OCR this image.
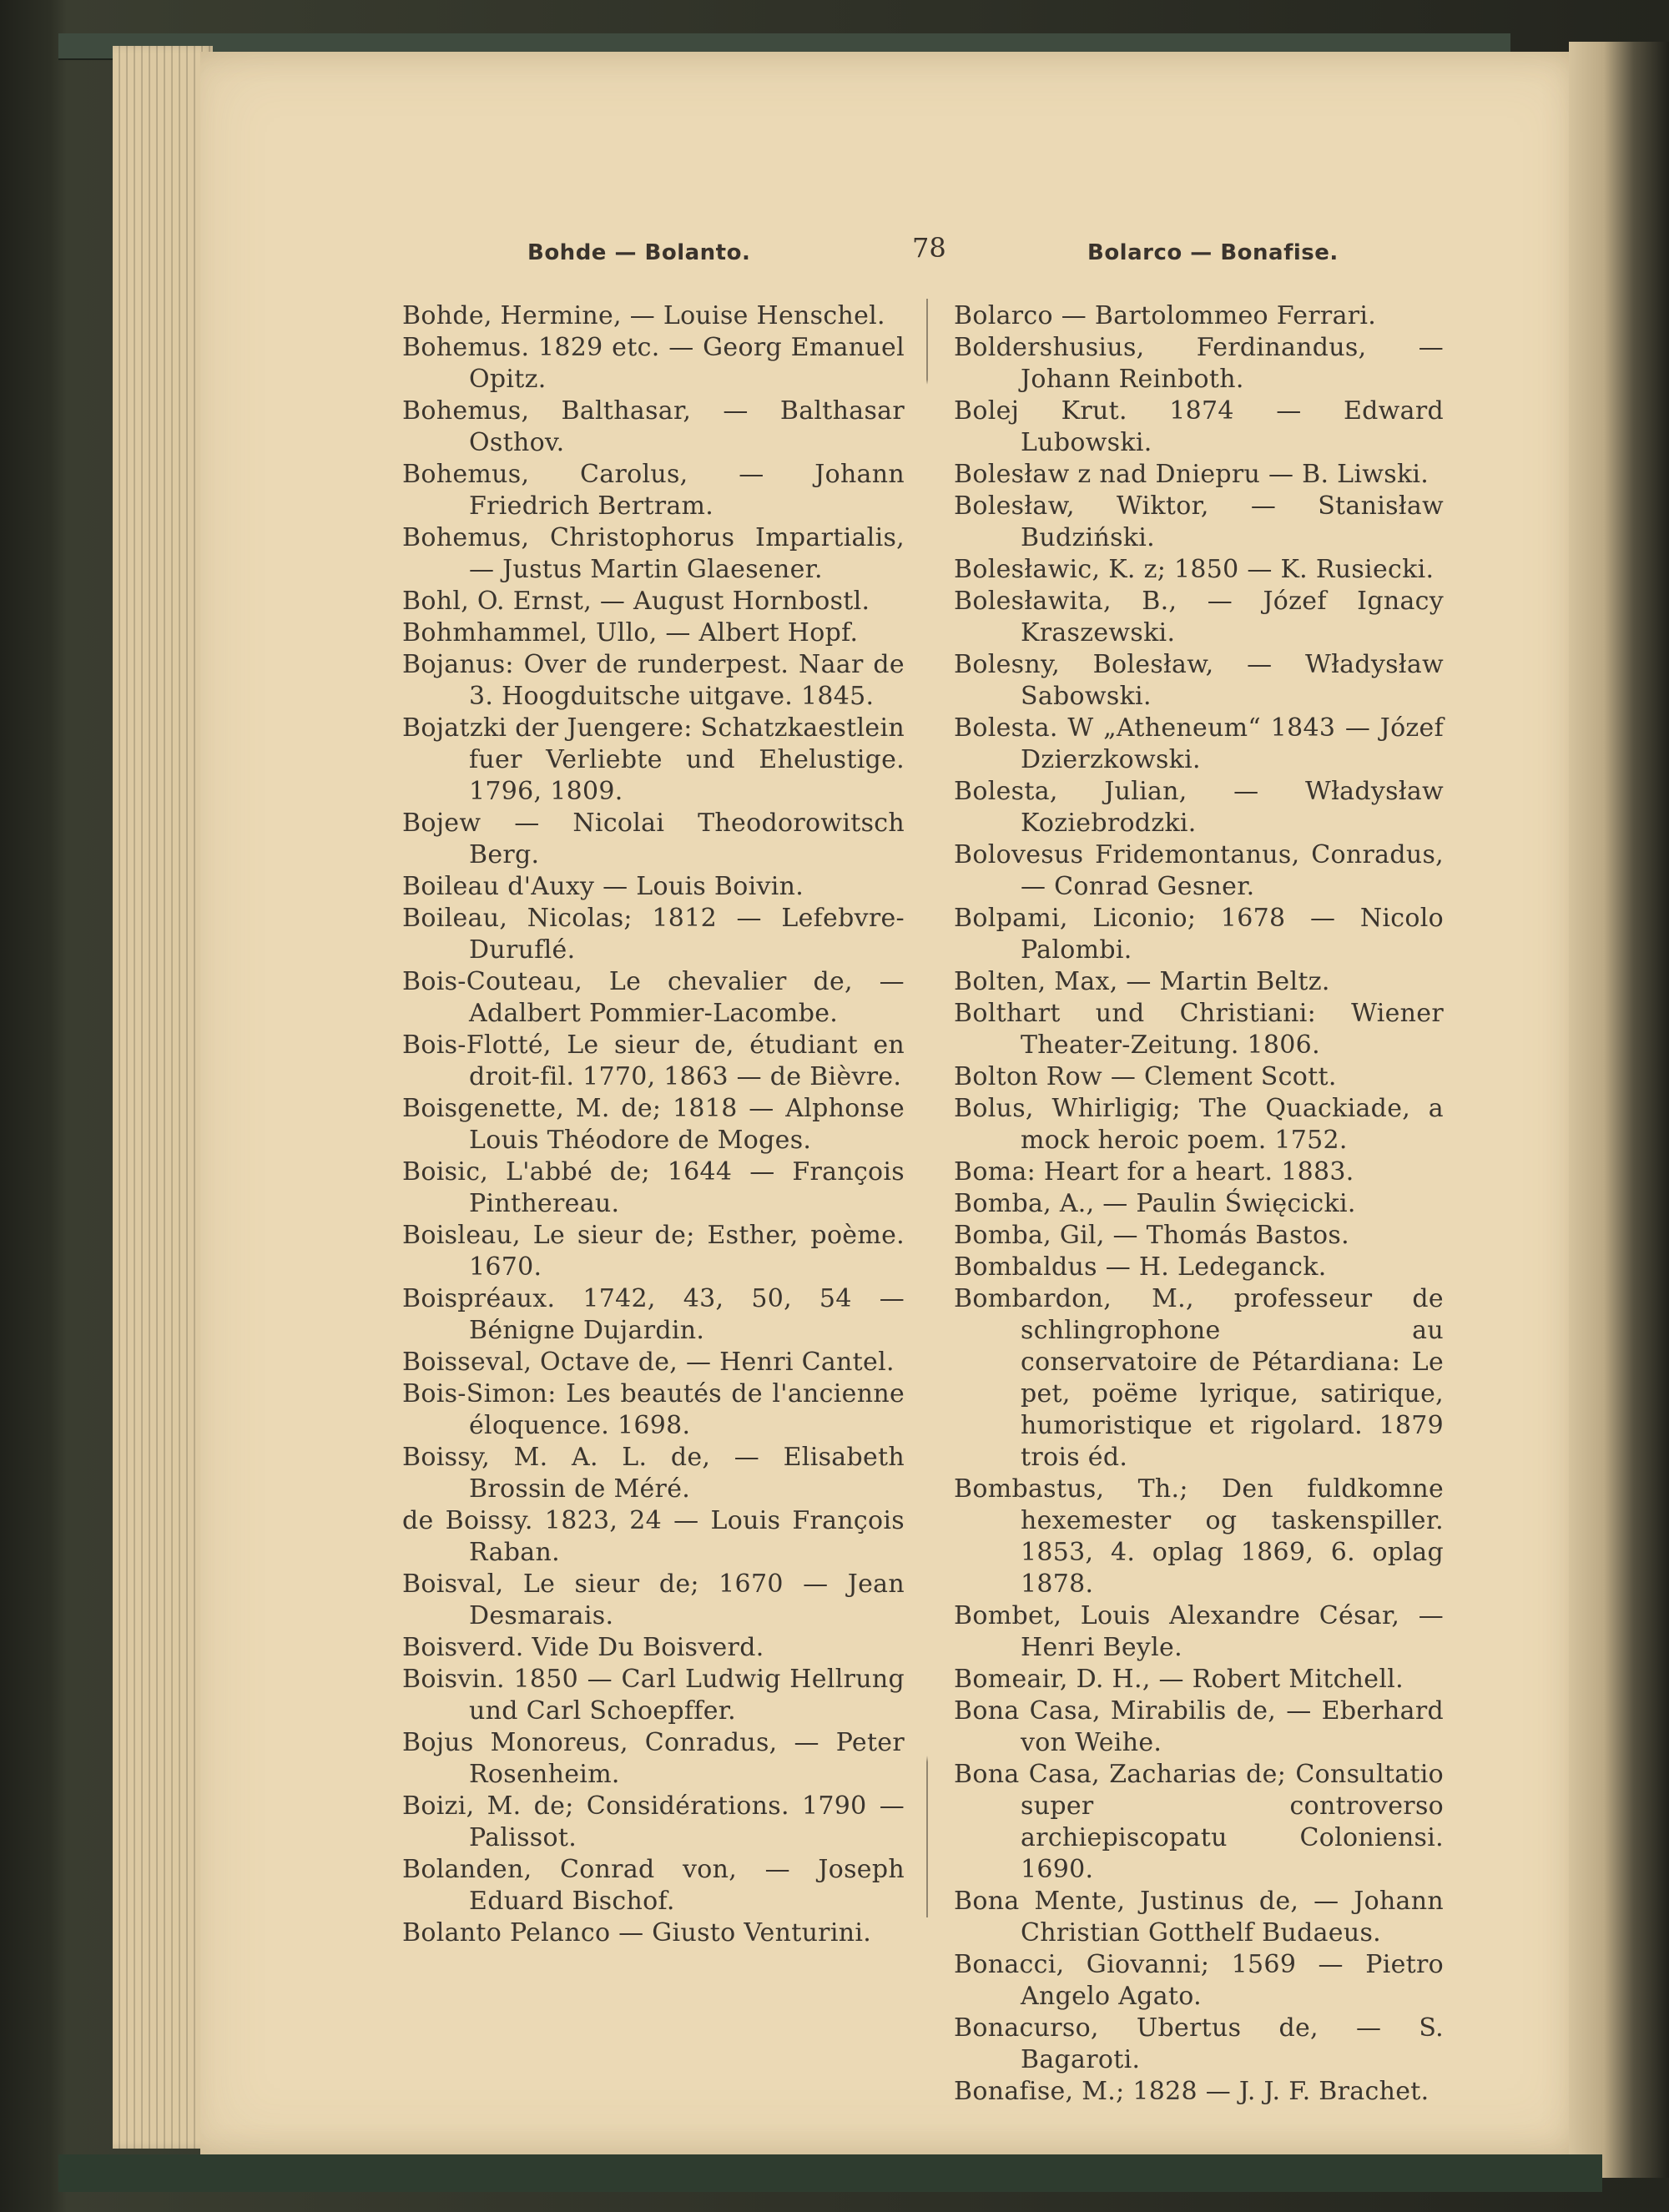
Bohde — Bolanto.	78	Bolarco — Bonafise.
Bohde, Hermine, — Louise Henschel.
Bohemus. 1829 etc. — Georg Emanuel Opitz.
Bohemus, Balthasar, — Balthasar Osthov.
Bohemus, Carolus, — Johann Friedrich Bertram.
Bohemus, Christophorus Impartialis, — Justus Martin Glaesener.
Bohl, O. Ernst, — August Hornbostl.
Bohmhammel, Ullo, — Albert Hopf.
Bojanus: Over de runderpest. Naar de 3. Hoogduitsche uitgave. 1845.
Bojatzki der Juengere: Schatzkaestlein fuer Verliebte und Ehelustige. 1796, 1809.
Bojew — Nicolai Theodorowitsch Berg.
Boileau d'Auxy — Louis Boivin.
Boileau, Nicolas; 1812 — Lefebvre-Duruflé.
Bois-Couteau, Le chevalier de, — Adalbert Pommier-Lacombe.
Bois-Flotté, Le sieur de, étudiant en droit-fil. 1770, 1863 — de Bièvre.
Boisgenette, M. de; 1818 — Alphonse Louis Théodore de Moges.
Boisic, L'abbé de; 1644 — François Pinthereau.
Boisleau, Le sieur de; Esther, poème. 1670.
Boispréaux. 1742, 43, 50, 54 — Bénigne Dujardin.
Boisseval, Octave de, — Henri Cantel.
Bois-Simon: Les beautés de l'ancienne éloquence. 1698.
Boissy, M. A. L. de, — Elisabeth Brossin de Méré.
de Boissy. 1823, 24 — Louis François Raban.
Boisval, Le sieur de; 1670 — Jean Desmarais.
Boisverd. Vide Du Boisverd.
Boisvin. 1850 — Carl Ludwig Hellrung und Carl Schoepffer.
Bojus Monoreus, Conradus, — Peter Rosenheim.
Boizi, M. de; Considérations. 1790 — Palissot.
Bolanden, Conrad von, — Joseph Eduard Bischof.
Bolanto Pelanco — Giusto Venturini.
Bolarco — Bartolommeo Ferrari.
Boldershusius, Ferdinandus, — Johann Reinboth.
Bolej Krut. 1874 — Edward Lubowski.
Bolesław z nad Dniepru — B. Liwski.
Bolesław, Wiktor, — Stanisław Budziński.
Bolesławic, K. z; 1850 — K. Rusiecki.
Bolesławita, B., — Józef Ignacy Kraszewski.
Bolesny, Bolesław, — Władysław Sabowski.
Bolesta. W „Atheneum“ 1843 — Józef Dzierzkowski.
Bolesta, Julian, — Władysław Koziebrodzki.
Bolovesus Fridemontanus, Conradus, — Conrad Gesner.
Bolpami, Liconio; 1678 — Nicolo Palombi.
Bolten, Max, — Martin Beltz.
Bolthart und Christiani: Wiener Theater-Zeitung. 1806.
Bolton Row — Clement Scott.
Bolus, Whirligig; The Quackiade, a mock heroic poem. 1752.
Boma: Heart for a heart. 1883.
Bomba, A., — Paulin Święcicki.
Bomba, Gil, — Thomás Bastos.
Bombaldus — H. Ledeganck.
Bombardon, M., professeur de schlingrophone au conservatoire de Pétardiana: Le pet, poëme lyrique, satirique, humoristique et rigolard. 1879 trois éd.
Bombastus, Th.; Den fuldkomne hexemester og taskenspiller. 1853, 4. oplag 1869, 6. oplag 1878.
Bombet, Louis Alexandre César, — Henri Beyle.
Bomeair, D. H., — Robert Mitchell.
Bona Casa, Mirabilis de, — Eberhard von Weihe.
Bona Casa, Zacharias de; Consultatio super controverso archiepiscopatu Coloniensi. 1690.
Bona Mente, Justinus de, — Johann Christian Gotthelf Budaeus.
Bonacci, Giovanni; 1569 — Pietro Angelo Agato.
Bonacurso, Ubertus de, — S. Bagaroti.
Bonafise, M.; 1828 — J. J. F. Brachet.
